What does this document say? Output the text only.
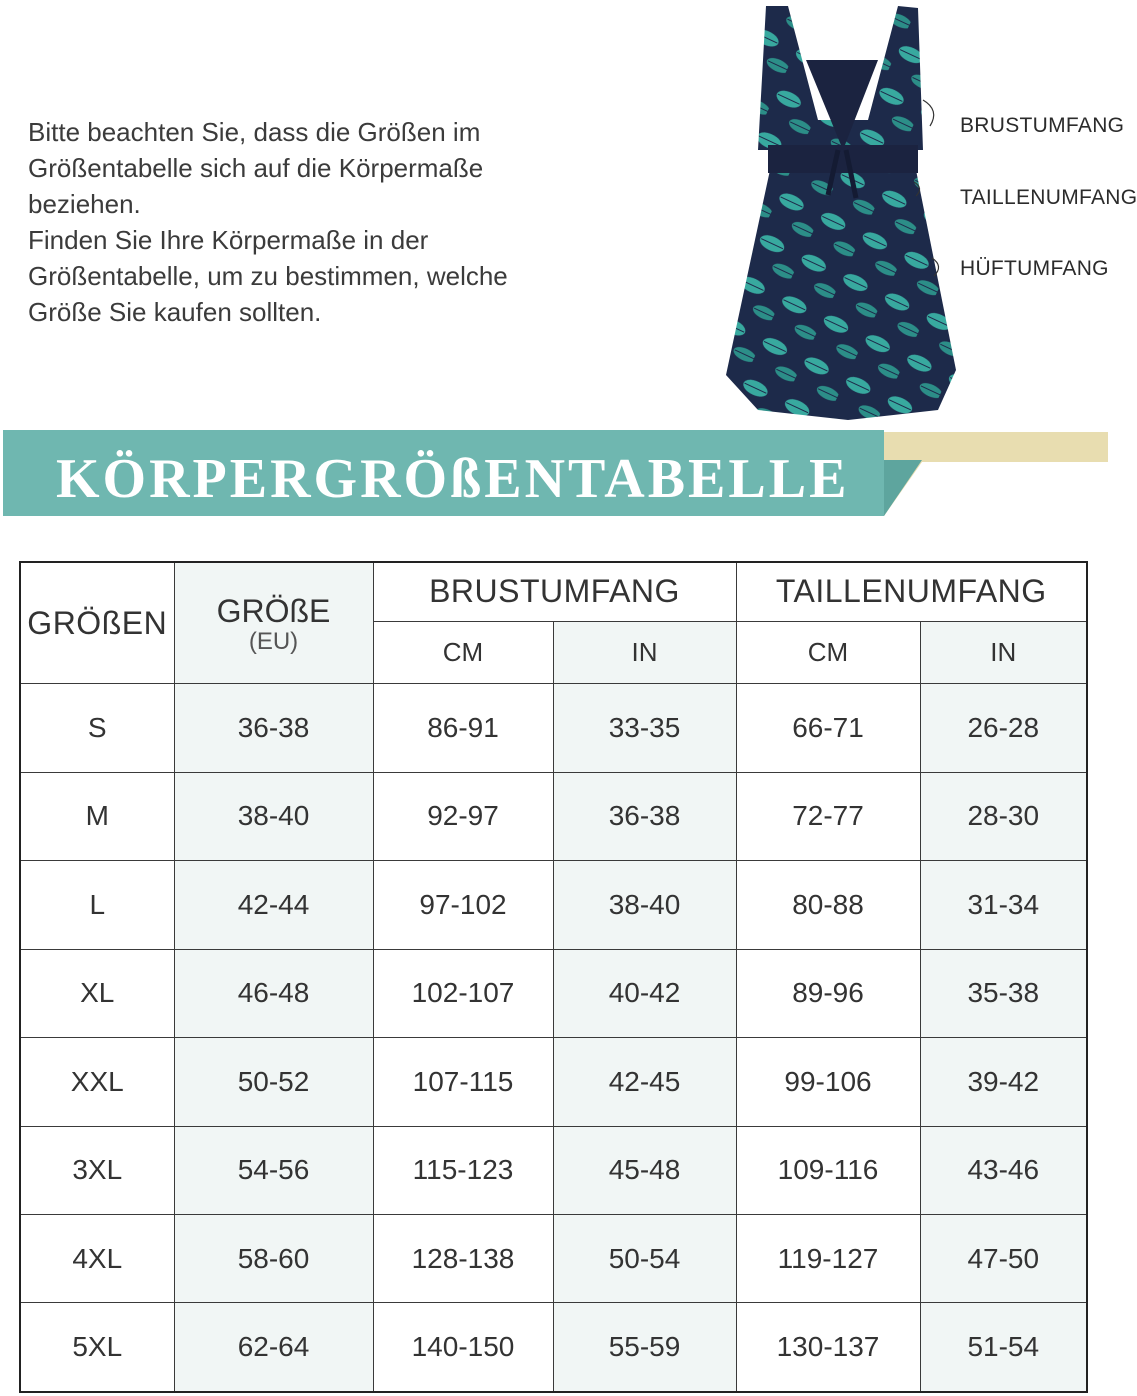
Bitte beachten Sie, dass die Größen im

Größentabelle sich auf die Körpermaße

beziehen.

Finden Sie Ihre Körpermaße in der

Größentabelle, um zu bestimmen, welche

Größe Sie kaufen sollten.

BRUSTUMFANG
TAILLENUMFANG
HÜFTUMFANG
KÖRPERGRÖßENTABELLE
GRÖßEN	GRÖßE
(EU)	BRUSTUMFANG		TAILLENUMFANG	
		CM	IN	CM	IN
S	36-38	86-91	33-35	66-71	26-28
M	38-40	92-97	36-38	72-77	28-30
L	42-44	97-102	38-40	80-88	31-34
XL	46-48	102-107	40-42	89-96	35-38
XXL	50-52	107-115	42-45	99-106	39-42
3XL	54-56	115-123	45-48	109-116	43-46
4XL	58-60	128-138	50-54	119-127	47-50
5XL	62-64	140-150	55-59	130-137	51-54
